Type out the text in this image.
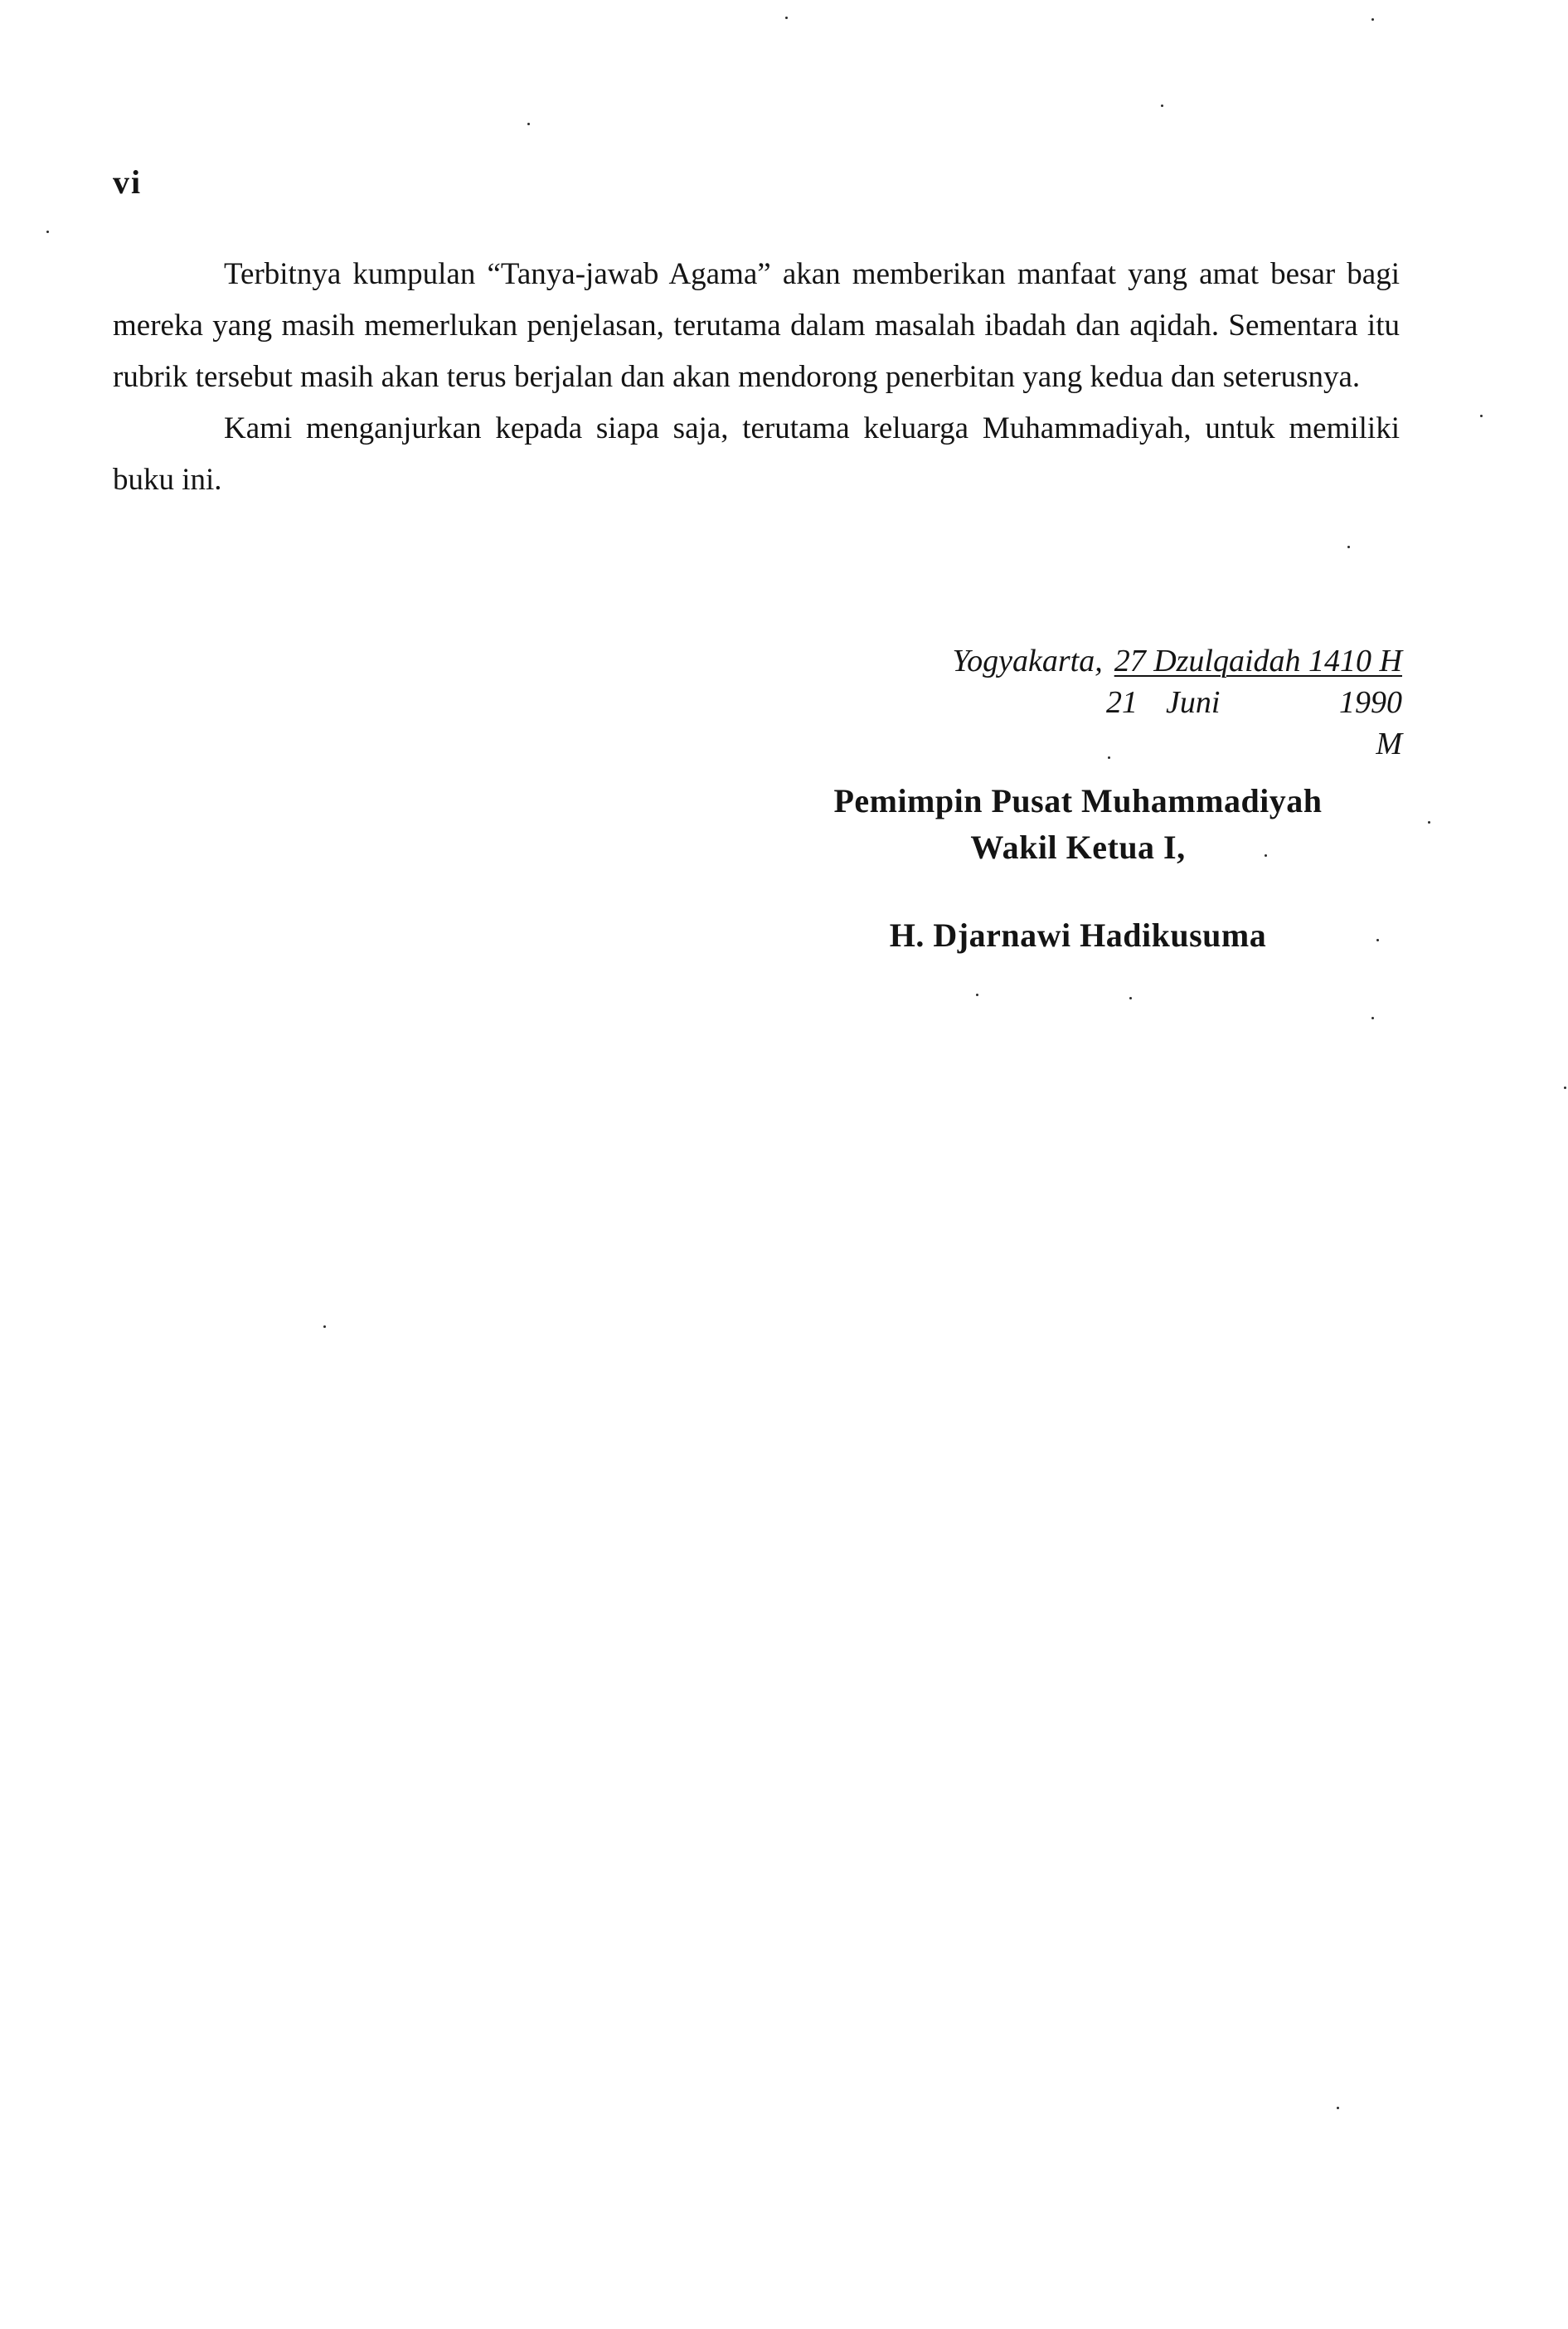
vi

Terbitnya kumpulan “Tanya-jawab Agama” akan memberikan manfaat yang amat besar bagi mereka yang masih memerlukan penjelasan, terutama dalam masalah ibadah dan aqidah. Sementara itu rubrik tersebut masih akan terus berjalan dan akan mendorong penerbitan yang kedua dan seterusnya.

Kami menganjurkan kepada siapa saja, terutama keluarga Muhammadiyah, untuk memiliki buku ini.

Yogyakarta, 27 Dzulqaidah 1410 H
21 Juni	1990 M
Pemimpin Pusat Muhammadiyah
Wakil Ketua I,
H. Djarnawi Hadikusuma
